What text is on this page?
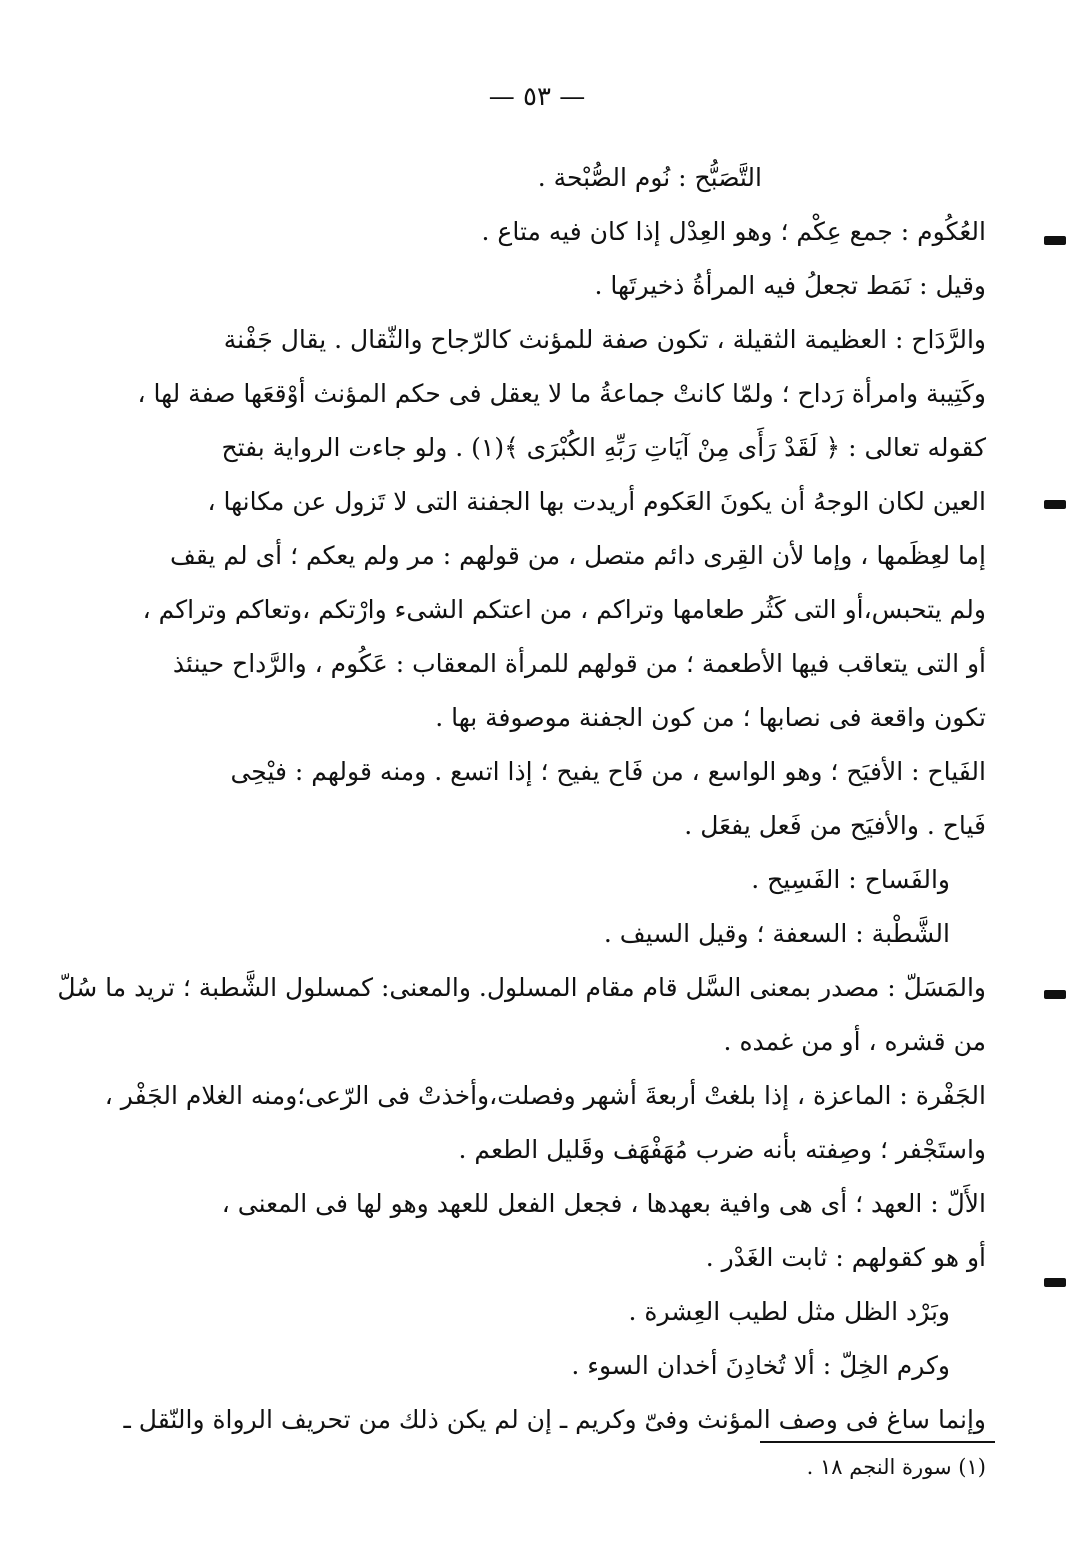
— ٥٣ —
التَّصَبُّح : نُوم الصُّبْحة .
العُكُوم : جمع عِكْم ؛ وهو العِدْل إذا كان فيه متاع .
وقيل : نَمَط تجعلُ فيه المرأةُ ذخيرتَها .
والرَّدَاح : العظيمة الثقيلة ، تكون صفة للمؤنث كالرّجاح والثّقال . يقال جَفْنة
وكَتِيبة وامرأة رَداح ؛ ولمّا كانتْ جماعةُ ما لا يعقل فى حكم المؤنث أوْقعَها صفة لها ،
كقوله تعالى : ﴿ لَقَدْ رَأَى مِنْ آيَاتِ رَبِّهِ الكُبْرَى ﴾(١) . ولو جاءت الرواية بفتح
العين لكان الوجهُ أن يكونَ العَكوم أريدت بها الجفنة التى لا تَزول عن مكانها ،
إما لعِظَمها ، وإما لأن القِرى دائم متصل ، من قولهم : مر ولم يعكم ؛ أى لم يقف
ولم يتحبس،أو التى كَثُر طعامها وتراكم ، من اعتكم الشىء وارْتكم ،وتعاكم وتراكم ،
أو التى يتعاقب فيها الأطعمة ؛ من قولهم للمرأة المعقاب : عَكُوم ، والرَّداح حينئذ
تكون واقعة فى نصابها ؛ من كون الجفنة موصوفة بها .
الفَياح : الأفيَح ؛ وهو الواسع ، من فَاح يفيح ؛ إذا اتسع . ومنه قولهم : فيْحِى
فَياح . والأفيَح من فَعل يفعَل .
والفَساح : الفَسِيح .
الشَّطْبة : السعفة ؛ وقيل السيف .
والمَسَلّ : مصدر بمعنى السَّل قام مقام المسلول. والمعنى: كمسلول الشَّطبة ؛ تريد ما سُلّ
من قشره ، أو من غمده .
الجَفْرة : الماعزة ، إذا بلغتْ أربعةَ أشهر وفصلت،وأخذتْ فى الرّعى؛ومنه الغلام الجَفْر ،
واستَجْفر ؛ وصِفته بأنه ضرب مُهَفْهَف وقَليل الطعم .
الأَلّ : العهد ؛ أى هى وافية بعهدها ، فجعل الفعل للعهد وهو لها فى المعنى ،
أو هو كقولهم : ثابت الغَدْر .
وبَرْد الظل مثل لطيب العِشرة .
وكرم الخِلّ : ألا تُخادِنَ أخدان السوء .
وإنما ساغ فى وصف المؤنث وفىّ وكريم ـ إن لم يكن ذلك من تحريف الرواة والنّقل ـ
(١) سورة النجم ١٨ .
